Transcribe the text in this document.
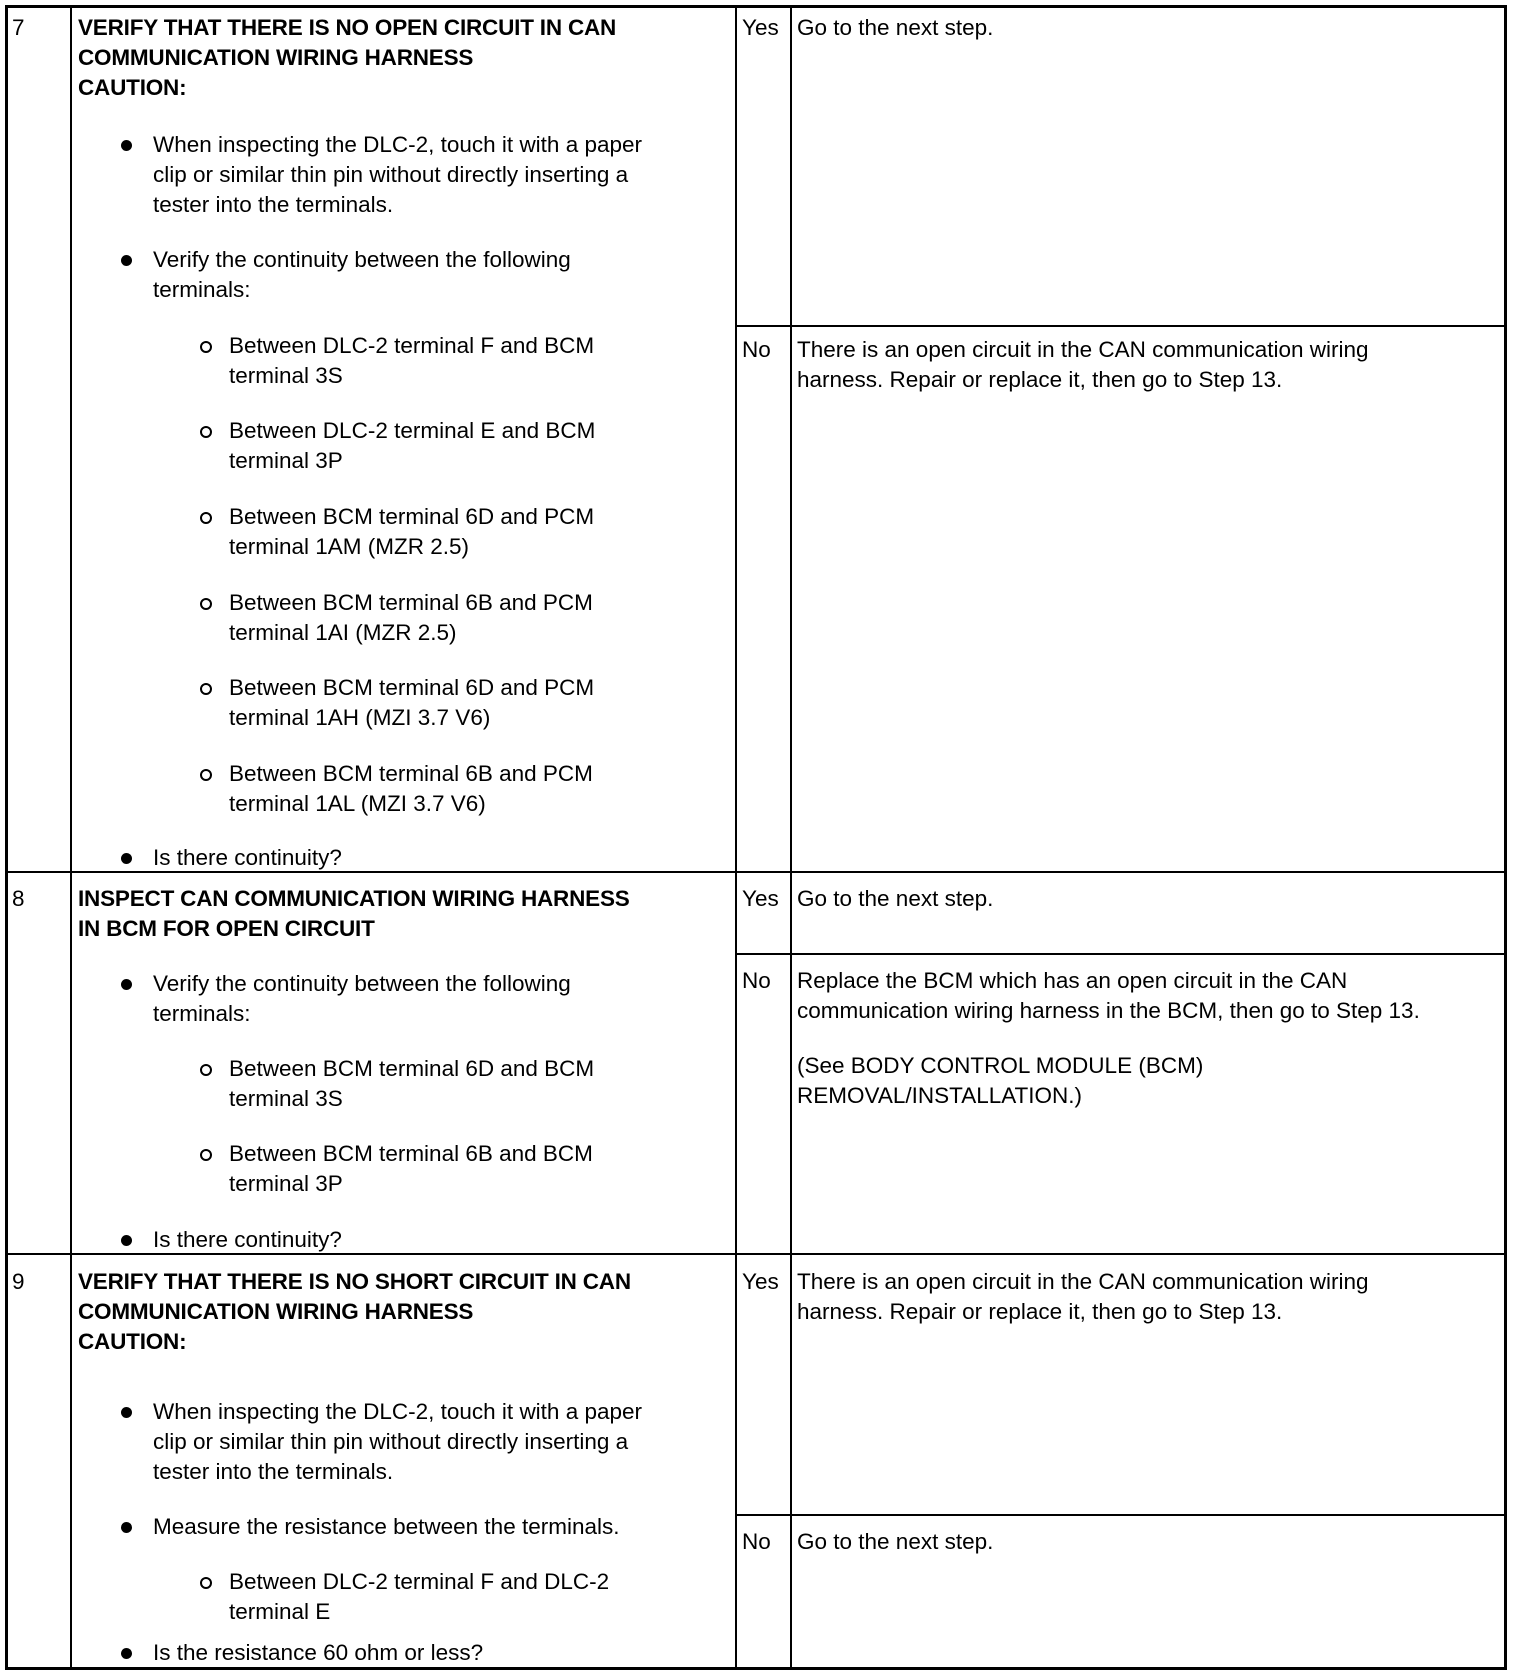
7 VERIFY THAT THERE IS NO OPEN CIRCUIT IN CAN
COMMUNICATION WIRING HARNESS
CAUTION:
When inspecting the DLC-2, touch it with a paper
clip or similar thin pin without directly inserting a
tester into the terminals.
Verify the continuity between the following
terminals:
Between DLC-2 terminal F and BCM
terminal 3S
Between DLC-2 terminal E and BCM
terminal 3P
Between BCM terminal 6D and PCM
terminal 1AM (MZR 2.5)
Between BCM terminal 6B and PCM
terminal 1AI (MZR 2.5)
Between BCM terminal 6D and PCM
terminal 1AH (MZI 3.7 V6)
Between BCM terminal 6B and PCM
terminal 1AL (MZI 3.7 V6)
Is there continuity?
Yes Go to the next step.
No There is an open circuit in the CAN communication wiring
harness. Repair or replace it, then go to Step 13.
8 INSPECT CAN COMMUNICATION WIRING HARNESS
IN BCM FOR OPEN CIRCUIT
Verify the continuity between the following
terminals:
Between BCM terminal 6D and BCM
terminal 3S
Between BCM terminal 6B and BCM
terminal 3P
Is there continuity?
Yes Go to the next step.
No Replace the BCM which has an open circuit in the CAN
communication wiring harness in the BCM, then go to Step 13.
(See BODY CONTROL MODULE (BCM)
REMOVAL/INSTALLATION.)
9 VERIFY THAT THERE IS NO SHORT CIRCUIT IN CAN
COMMUNICATION WIRING HARNESS
CAUTION:
When inspecting the DLC-2, touch it with a paper
clip or similar thin pin without directly inserting a
tester into the terminals.
Measure the resistance between the terminals.
Between DLC-2 terminal F and DLC-2
terminal E
Is the resistance 60 ohm or less?
Yes There is an open circuit in the CAN communication wiring
harness. Repair or replace it, then go to Step 13.
No Go to the next step.
